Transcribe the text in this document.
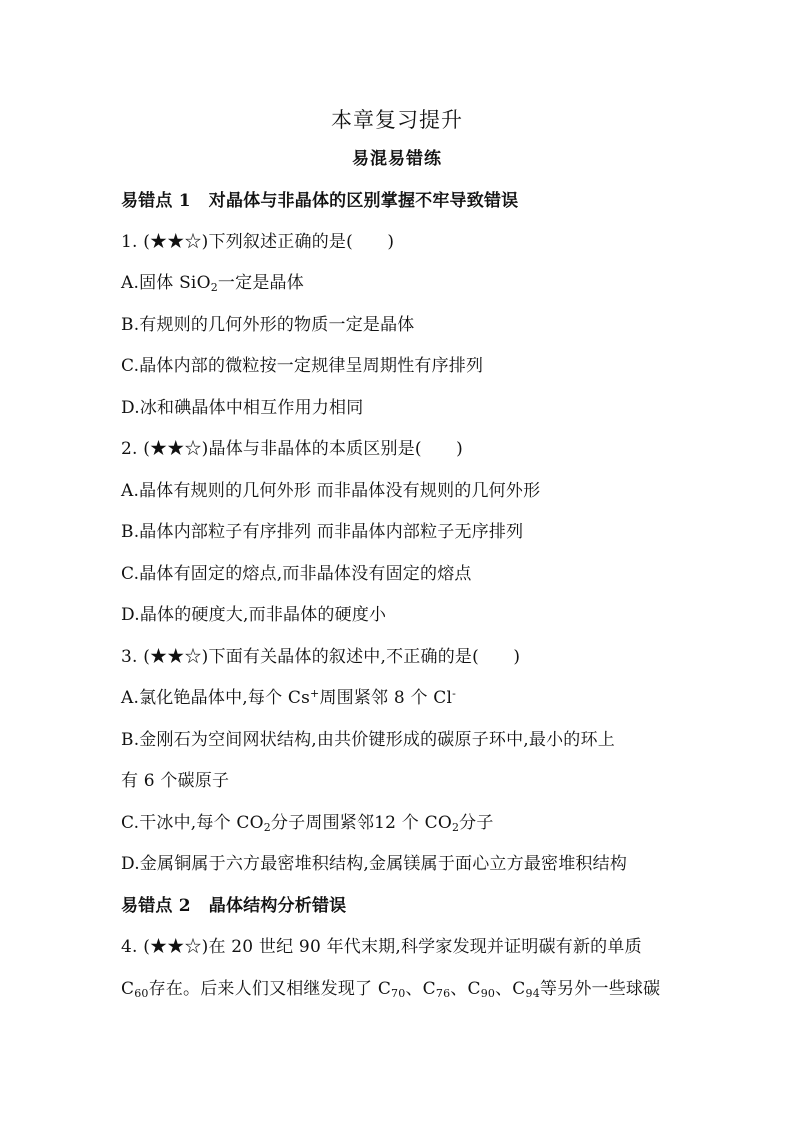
本章复习提升
易混易错练
易错点 1 对晶体与非晶体的区别掌握不牢导致错误
1. (★★☆)下列叙述正确的是(　　)
A.固体 SiO$_2$一定是晶体
B.有规则的几何外形的物质一定是晶体
C.晶体内部的微粒按一定规律呈周期性有序排列
D.冰和碘晶体中相互作用力相同
2. (★★☆)晶体与非晶体的本质区别是(　　)
A.晶体有规则的几何外形 而非晶体没有规则的几何外形
B.晶体内部粒子有序排列 而非晶体内部粒子无序排列
C.晶体有固定的熔点,而非晶体没有固定的熔点
D.晶体的硬度大,而非晶体的硬度小
3. (★★☆)下面有关晶体的叙述中,不正确的是(　　)
A.氯化铯晶体中,每个 Cs+周围紧邻 8 个 Cl-
B.金刚石为空间网状结构,由共价键形成的碳原子环中,最小的环上
有 6 个碳原子
C.干冰中,每个 $CO_2$分子周围紧邻12 个 $CO_2$分子
D.金属铜属于六方最密堆积结构,金属镁属于面心立方最密堆积结构
易错点 2 晶体结构分析错误
4. (★★☆)在 20 世纪 90 年代末期,科学家发现并证明碳有新的单质
$C_{60}$存在。后来人们又相继发现了 $C_{70}$、$C_{76}$、$C_{90}$、$C_{94}$等另外一些球碳
